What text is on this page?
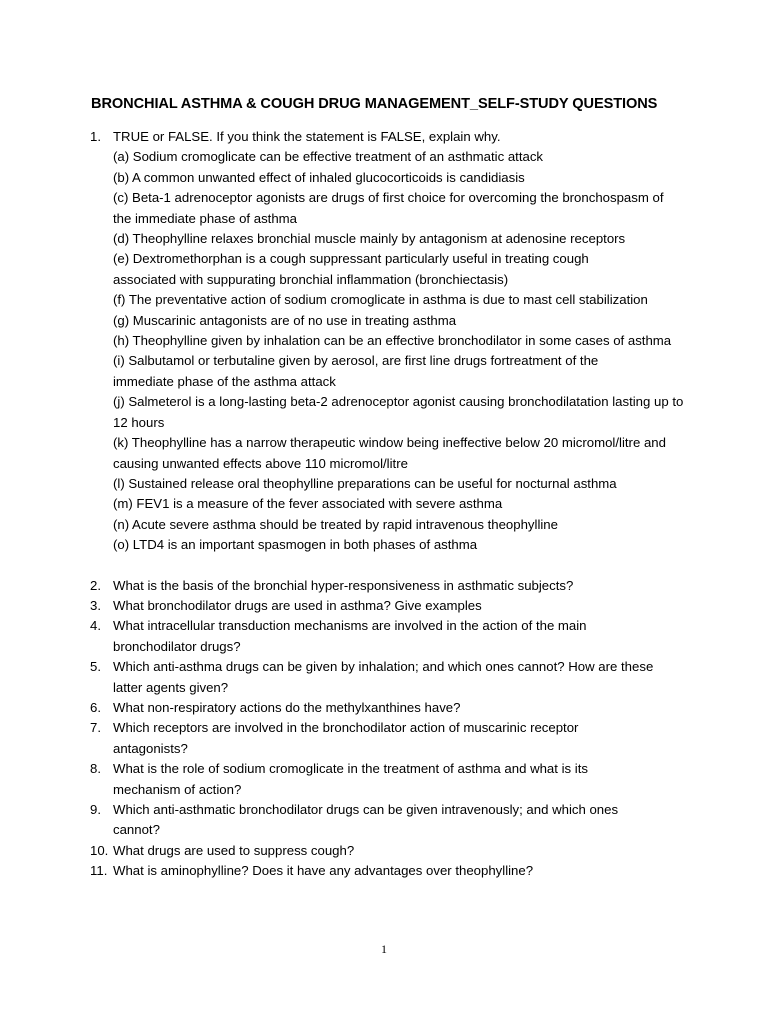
BRONCHIAL ASTHMA & COUGH DRUG MANAGEMENT_SELF-STUDY QUESTIONS
1. TRUE or FALSE. If you think the statement is FALSE, explain why.
(a) Sodium cromoglicate can be effective treatment of an asthmatic attack
(b) A common unwanted effect of inhaled glucocorticoids is candidiasis
(c) Beta-1 adrenoceptor agonists are drugs of first choice for overcoming the bronchospasm of the immediate phase of asthma
(d) Theophylline relaxes bronchial muscle mainly by antagonism at adenosine receptors
(e) Dextromethorphan is a cough suppressant particularly useful in treating cough associated with suppurating bronchial inflammation (bronchiectasis)
(f) The preventative action of sodium cromoglicate in asthma is due to mast cell stabilization
(g) Muscarinic antagonists are of no use in treating asthma
(h) Theophylline given by inhalation can be an effective bronchodilator in some cases of asthma
(i) Salbutamol or terbutaline given by aerosol, are first line drugs fortreatment of the immediate phase of the asthma attack
(j) Salmeterol is a long-lasting beta-2 adrenoceptor agonist causing bronchodilatation lasting up to 12 hours
(k) Theophylline has a narrow therapeutic window being ineffective below 20 micromol/litre and causing unwanted effects above 110 micromol/litre
(l) Sustained release oral theophylline preparations can be useful for nocturnal asthma
(m) FEV1 is a measure of the fever associated with severe asthma
(n) Acute severe asthma should be treated by rapid intravenous theophylline
(o) LTD4 is an important spasmogen in both phases of asthma
2. What is the basis of the bronchial hyper-responsiveness in asthmatic subjects?
3. What bronchodilator drugs are used in asthma? Give examples
4. What intracellular transduction mechanisms are involved in the action of the main bronchodilator drugs?
5. Which anti-asthma drugs can be given by inhalation; and which ones cannot? How are these latter agents given?
6. What non-respiratory actions do the methylxanthines have?
7. Which receptors are involved in the bronchodilator action of muscarinic receptor antagonists?
8. What is the role of sodium cromoglicate in the treatment of asthma and what is its mechanism of action?
9. Which anti-asthmatic bronchodilator drugs can be given intravenously; and which ones cannot?
10. What drugs are used to suppress cough?
11. What is aminophylline? Does it have any advantages over theophylline?
1
